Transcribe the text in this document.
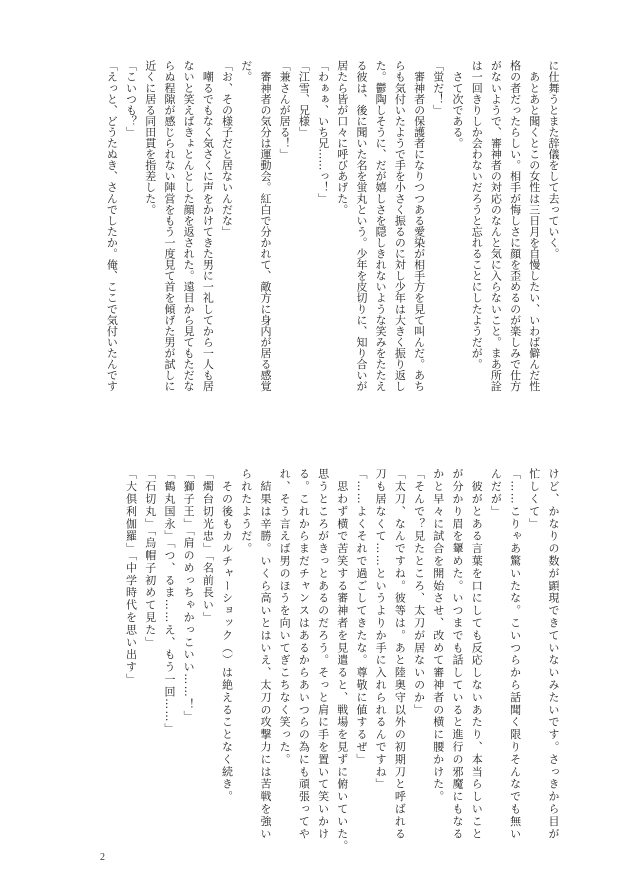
に仕舞うとまた辞儀をして去っていく。
　あとあと聞くとこの女性は三日月を自慢したい、いわば僻んだ性
格の者だったらしい。相手が悔しさに顔を歪めるのが楽しみで仕方
がないようで、審神者の対応のなんと気に入らないこと。まあ所詮
は一回きりしか会わないだろうと忘れることにしたようだが。
　さて次である。
「蛍だ！」
　審神者の保護者になりつつある愛染が相手方を見て叫んだ。あち
らも気付いたようで手を小さく振るのに対し少年は大きく振り返し
た。鬱陶しそうに、だが嬉しさを隠しきれないような笑みをたたえ
る彼は、後に聞いた名を蛍丸という。少年を皮切りに、知り合いが
居たら皆が口々に呼びあげた。
「わぁぁ、いち兄……っ！」
「江雪、兄様」
「兼さんが居る！」
　審神者の気分は運動会。紅白で分かれて、敵方に身内が居る感覚
だ。
「お、その様子だと居ないんだな」
　嘲るでもなく気さくに声をかけてきた男に一礼してから一人も居
ないと笑えばきょとんとした顔を返された。遠目から見てもただな
らぬ程隙が感じられない陣営をもう一度見て首を傾げた男が試しに
近くに居る同田貫を指差した。
「こいつも？」
「えっと、どうたぬき、さんでしたか。俺、ここで気付いたんです
けど、かなりの数が顕現できていないみたいです。さっきから目が
忙しくて」
「……こりゃあ驚いたな。こいつらから話聞く限りそんなでも無い
んだが」
　彼がとある言葉を口にしても反応しないあたり、本当らしいこと
が分かり眉を顰めた。いつまでも話していると進行の邪魔にもなる
かと早々に試合を開始させ、改めて審神者の横に腰かけた。
「そんで？見たところ、太刀が居ないのか」
「太刀、なんですね。彼等は。あと陸奥守以外の初期刀と呼ばれる
刀も居なくて……というよりか手に入れられるんですね」
「……よくそれで過ごしてきたな。尊敬に値するぜ」
　思わず横で苦笑する審神者を見遣ると、戦場を見ずに俯いていた。
思うところがきっとあるのだろう。そっと肩に手を置いて笑いかけ
る。これからまだチャンスはあるからあいつらの為にも頑張ってや
れ、そう言えば男のほうを向いてぎこちなく笑った。
　結果は辛勝。いくら高いとはいえ、太刀の攻撃力には苦戦を強い
られたようだ。
　その後もカルチャーショック（）は絶えることなく続き。
「燭台切光忠」「名前長い」
「獅子王」「肩のめっちゃかっこいい……！」
「鶴丸国永」「つ、るま……え、もう一回……」
「石切丸」「烏帽子初めて見た」
「大倶利伽羅」「中学時代を思い出す」
2
